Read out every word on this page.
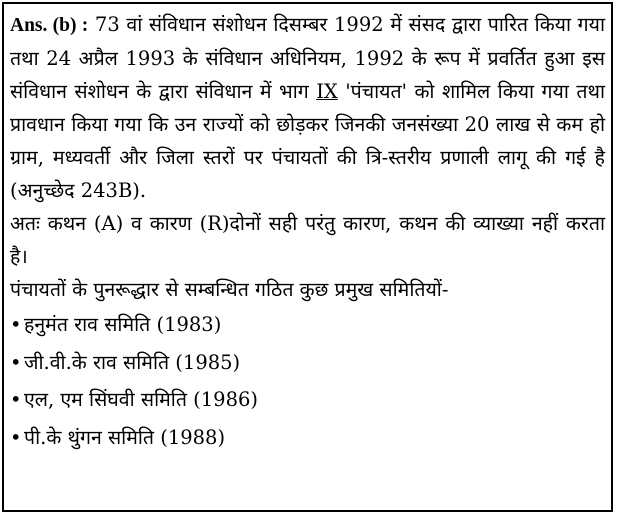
Ans. (b) : 73 वां संविधान संशोधन दिसम्बर 1992 में संसद द्वारा पारित किया गया तथा 24 अप्रैल 1993 के संविधान अधिनियम, 1992 के रूप में प्रवर्तित हुआ इस संविधान संशोधन के द्वारा संविधान में भाग IX 'पंचायत' को शामिल किया गया तथा प्रावधान किया गया कि उन राज्यों को छोड़कर जिनकी जनसंख्या 20 लाख से कम हो ग्राम, मध्यवर्ती और जिला स्तरों पर पंचायतों की त्रि-स्तरीय प्रणाली लागू की गई है (अनुच्छेद 243B).

अतः कथन (A) व कारण (R)दोनों सही परंतु कारण, कथन की व्याख्या नहीं करता है।

पंचायतों के पुनरूद्धार से सम्बन्धित गठित कुछ प्रमुख समितियों-

• हनुमंत राव समिति (1983)
• जी.वी.के राव समिति (1985)
• एल, एम सिंघवी समिति (1986)
• पी.के थुंगन समिति (1988)
